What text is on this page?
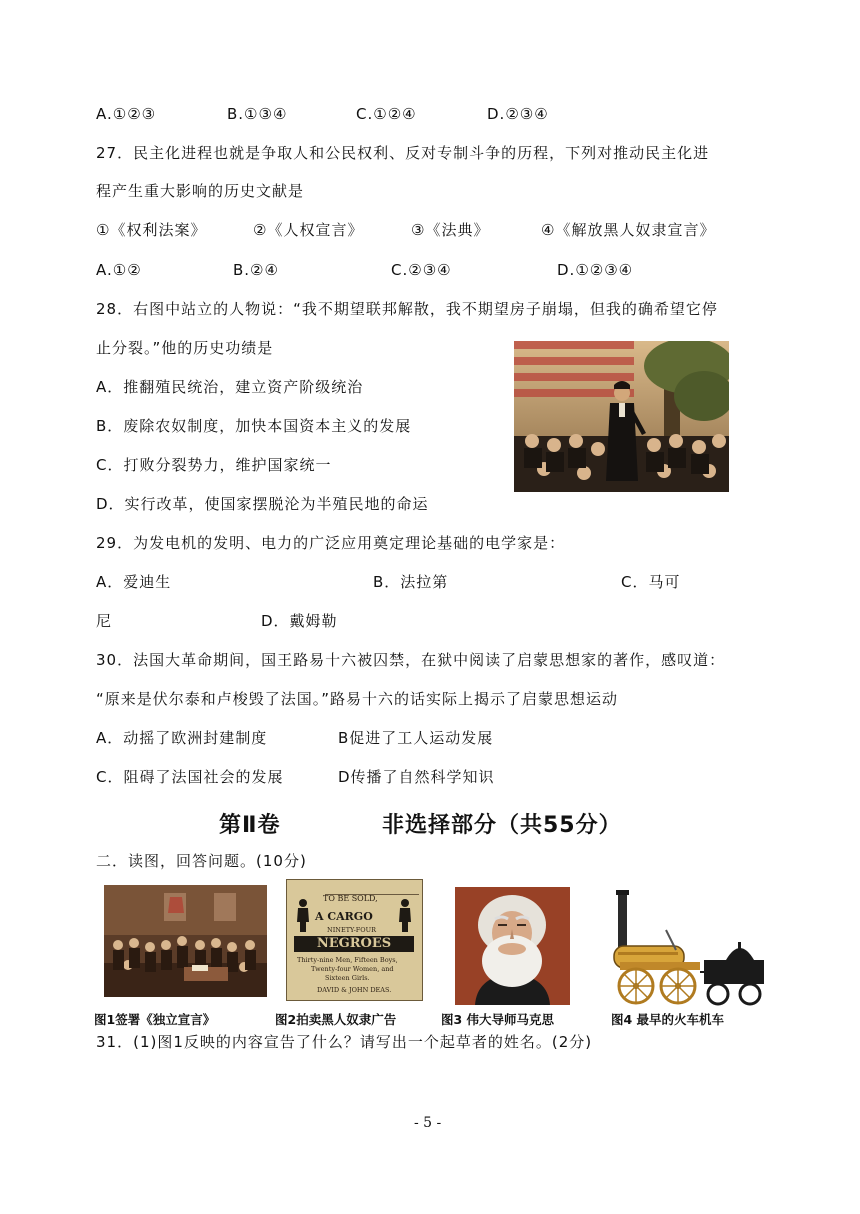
A.①②③	B.①③④	C.①②④	D.②③④
27．民主化进程也就是争取人和公民权利、反对专制斗争的历程，下列对推动民主化进
程产生重大影响的历史文献是
①《权利法案》	②《人权宣言》	③《法典》	④《解放黑人奴隶宣言》
A.①②	B.②④	C.②③④	D.①②③④
28．右图中站立的人物说：“我不期望联邦解散，我不期望房子崩塌，但我的确希望它停
止分裂。”他的历史功绩是
A．推翻殖民统治，建立资产阶级统治
B．废除农奴制度，加快本国资本主义的发展
C．打败分裂势力，维护国家统一
D．实行改革，使国家摆脱沦为半殖民地的命运
29．为发电机的发明、电力的广泛应用奠定理论基础的电学家是：
A．爱迪生	B．法拉第	C．马可
尼	D．戴姆勒
30．法国大革命期间，国王路易十六被囚禁，在狱中阅读了启蒙思想家的著作，感叹道：
“原来是伏尔泰和卢梭毁了法国。”路易十六的话实际上揭示了启蒙思想运动
A．动摇了欧洲封建制度	B促进了工人运动发展
C．阻碍了法国社会的发展	D传播了自然科学知识
第Ⅱ卷	非选择部分（共55分）
二．读图，回答问题。(10分)
TO BE SOLD,
A CARGO
NINETY-FOUR
NEGROES
Thirty-nine Men, Fifteen Boys,
Twenty-four Women, and
Sixteen Girls.
DAVID & JOHN DEAS.
图1签署《独立宣言》	图2拍卖黑人奴隶广告	图3 伟大导师马克思	图4 最早的火车机车
31．(1)图1反映的内容宣告了什么？请写出一个起草者的姓名。(2分)
- 5 -
